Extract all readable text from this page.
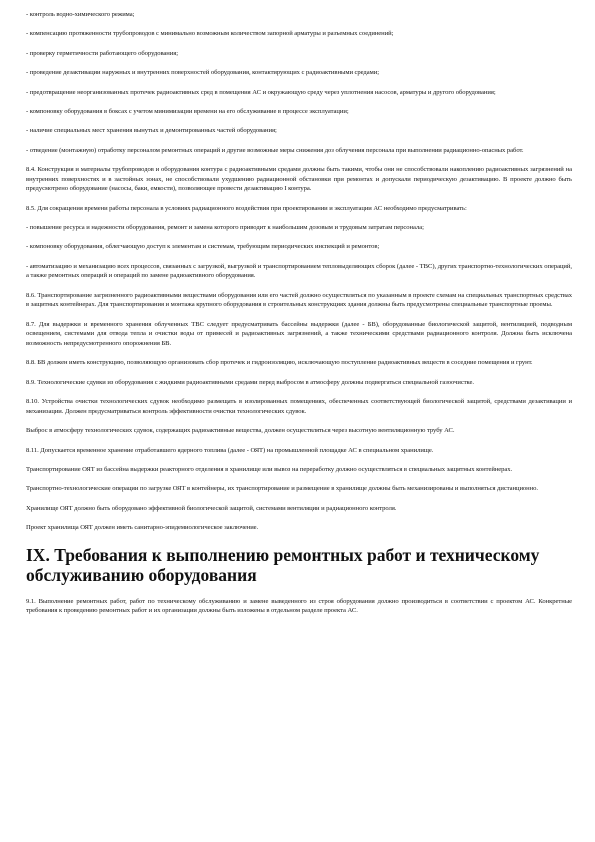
- контроль водно-химического режима;

- компенсацию протяженности трубопроводов с минимально возможным количеством запорной арматуры и разъемных соединений;

- проверку герметичности работающего оборудования;

- проведение дезактивации наружных и внутренних поверхностей оборудования, контактирующих с радиоактивными средами;

- предотвращение неорганизованных протечек радиоактивных сред в помещения АС и окружающую среду через уплотнения насосов, арматуры и другого оборудования;

- компоновку оборудования в боксах с учетом минимизации времени на его обслуживание в процессе эксплуатации;

- наличие специальных мест хранения вынутых и демонтированных частей оборудования;

- отведение (монтажную) отработку персоналом ремонтных операций и другие возможные меры снижения доз облучения персонала при выполнении радиационно-опасных работ.

8.4. Конструкция и материалы трубопроводов и оборудования контура с радиоактивными средами должны быть такими, чтобы они не способствовали накоплению радиоактивных загрязнений на внутренних поверхностях и в застойных зонах, не способствовали ухудшению радиационной обстановки при ремонтах и допускали периодическую дезактивацию. В проекте должно быть предусмотрено оборудование (насосы, баки, емкости), позволяющее провести дезактивацию I контура.

8.5. Для сокращения времени работы персонала в условиях радиационного воздействия при проектировании и эксплуатации АС необходимо предусматривать:

- повышение ресурса и надежности оборудования, ремонт и замена которого приводит к наибольшим дозовым и трудовым затратам персонала;

- компоновку оборудования, облегчающую доступ к элементам и системам, требующим периодических инспекций и ремонтов;

- автоматизацию и механизацию всех процессов, связанных с загрузкой, выгрузкой и транспортированием тепловыделяющих сборок (далее - ТВС), других транспортно-технологических операций, а также ремонтных операций и операций по замене радиоактивного оборудования.

8.6. Транспортирование загрязненного радиоактивными веществами оборудования или его частей должно осуществляться по указанным в проекте схемам на специальных транспортных средствах в защитных контейнерах. Для транспортирования и монтажа крупного оборудования в строительных конструкциях здания должны быть предусмотрены специальные транспортные проемы.

8.7. Для выдержки и временного хранения облученных ТВС следует предусматривать бассейны выдержки (далее - БВ), оборудованные биологической защитой, вентиляцией, подводным освещением, системами для отвода тепла и очистки воды от примесей и радиоактивных загрязнений, а также техническими средствами радиационного контроля. Должна быть исключена возможность непредусмотренного опорожнения БВ.

8.8. БВ должен иметь конструкцию, позволяющую организовать сбор протечек и гидроизоляцию, исключающую поступление радиоактивных веществ в соседние помещения и грунт.

8.9. Технологические сдувки из оборудования с жидкими радиоактивными средами перед выбросом в атмосферу должны подвергаться специальной газоочистке.

8.10. Устройства очистки технологических сдувок необходимо размещать в изолированных помещениях, обеспеченных соответствующей биологической защитой, средствами дезактивации и механизации. Должен предусматриваться контроль эффективности очистки технологических сдувок.

Выброс в атмосферу технологических сдувок, содержащих радиоактивные вещества, должен осуществляться через высотную вентиляционную трубу АС.

8.11. Допускается временное хранение отработавшего ядерного топлива (далее - ОЯТ) на промышленной площадке АС в специальном хранилище.

Транспортирование ОЯТ из бассейна выдержки реакторного отделения в хранилище или вывоз на переработку должно осуществляться в специальных защитных контейнерах.

Транспортно-технологические операции по загрузке ОЯТ в контейнеры, их транспортирование и размещение в хранилище должны быть механизированы и выполняться дистанционно.

Хранилище ОЯТ должно быть оборудовано эффективной биологической защитой, системами вентиляции и радиационного контроля.

Проект хранилища ОЯТ должен иметь санитарно-эпидемиологическое заключение.

IX. Требования к выполнению ремонтных работ и техническому обслуживанию оборудования

9.1. Выполнение ремонтных работ, работ по техническому обслуживанию и замене выведенного из строя оборудования должно производиться в соответствии с проектом АС. Конкретные требования к проведению ремонтных работ и их организации должны быть изложены в отдельном разделе проекта АС.
